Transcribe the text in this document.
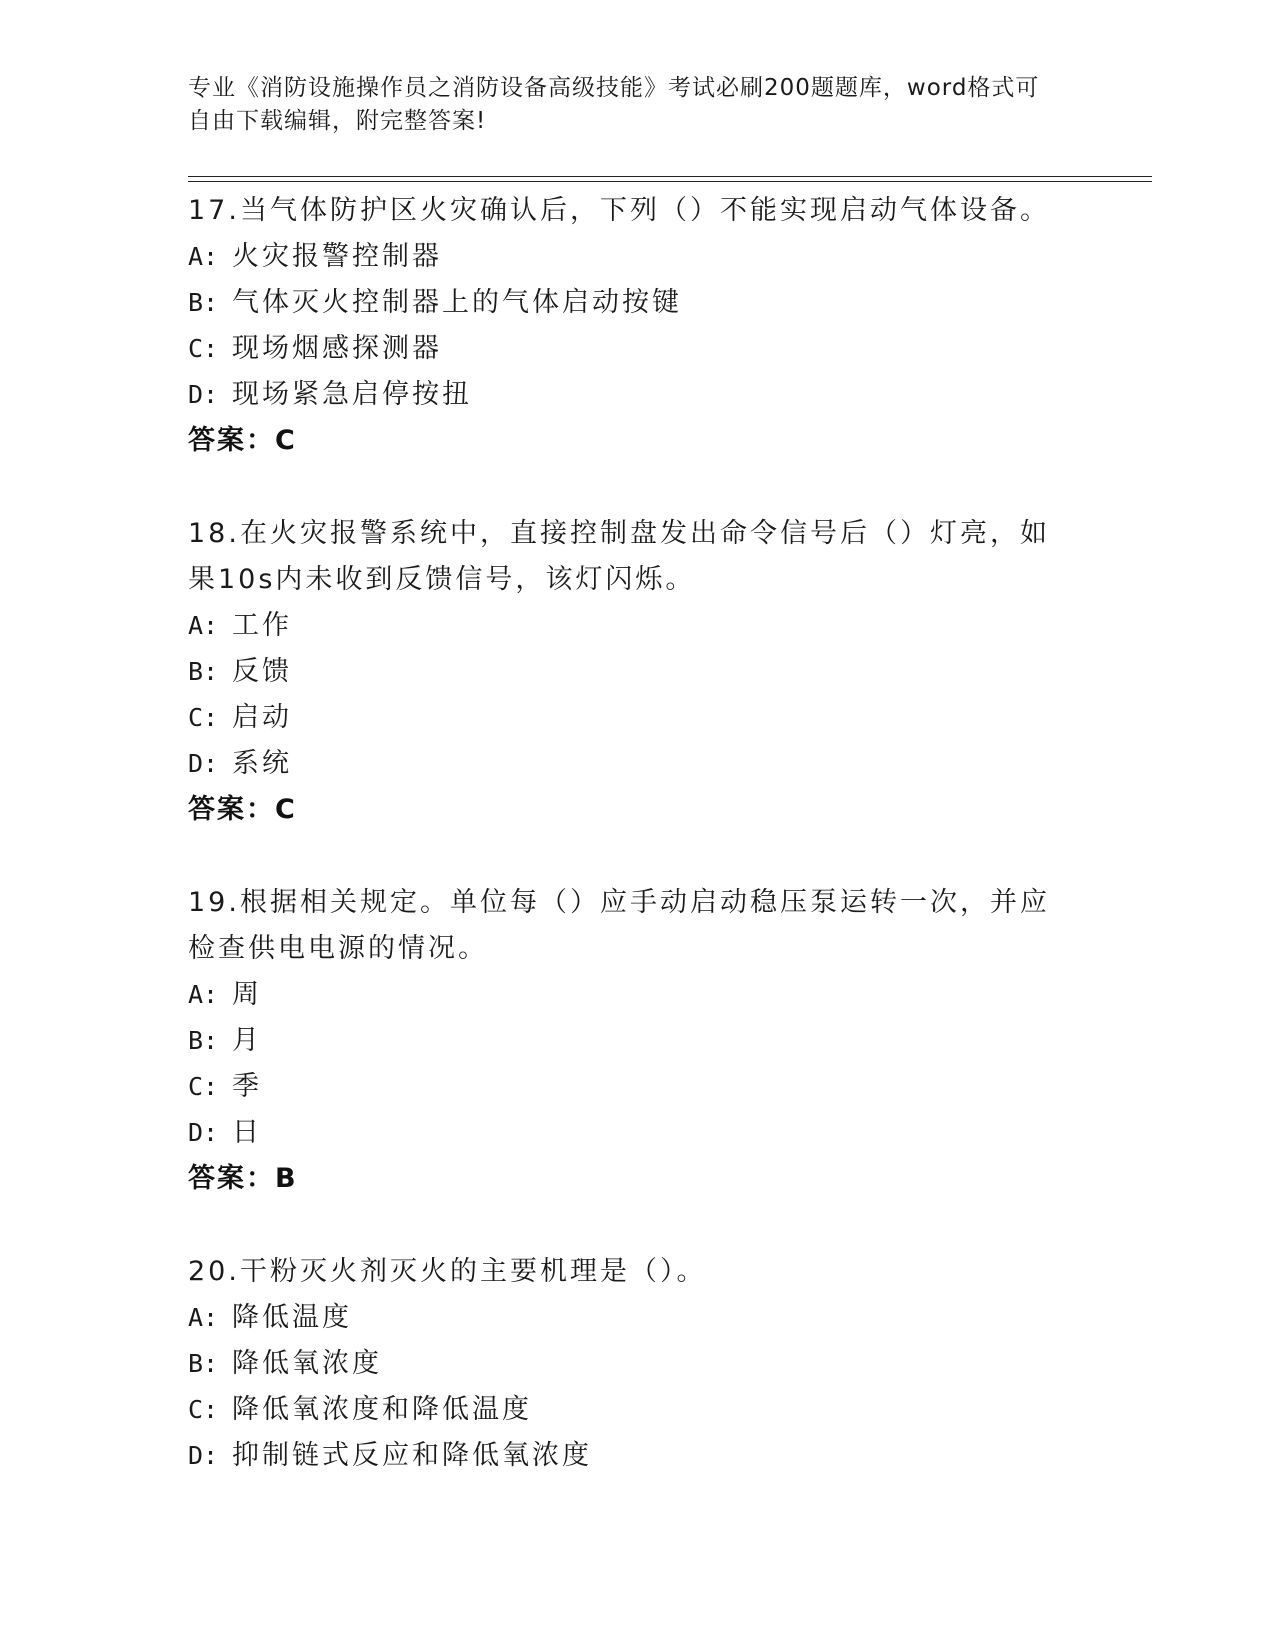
专业《消防设施操作员之消防设备高级技能》考试必刷200题题库，word格式可
自由下载编辑，附完整答案!
17.当气体防护区火灾确认后，下列（）不能实现启动气体设备。
A: 火灾报警控制器
B: 气体灭火控制器上的气体启动按键
C: 现场烟感探测器
D: 现场紧急启停按扭
答案：C
18.在火灾报警系统中，直接控制盘发出命令信号后（）灯亮，如果10s内未收到反馈信号，该灯闪烁。
A: 工作
B: 反馈
C: 启动
D: 系统
答案：C
19.根据相关规定。单位每（）应手动启动稳压泵运转一次，并应检查供电电源的情况。
A: 周
B: 月
C: 季
D: 日
答案：B
20.干粉灭火剂灭火的主要机理是（）。
A: 降低温度
B: 降低氧浓度
C: 降低氧浓度和降低温度
D: 抑制链式反应和降低氧浓度
